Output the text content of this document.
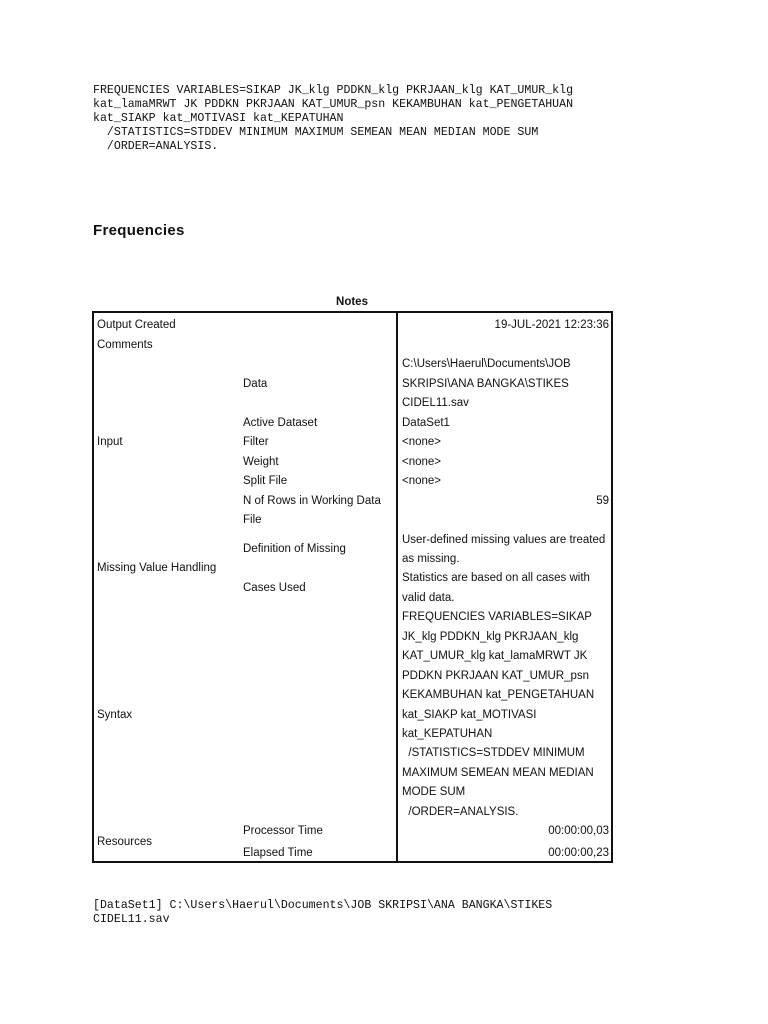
FREQUENCIES VARIABLES=SIKAP JK_klg PDDKN_klg PKRJAAN_klg KAT_UMUR_klg
kat_lamaMRWT JK PDDKN PKRJAAN KAT_UMUR_psn KEKAMBUHAN kat_PENGETAHUAN
kat_SIAKP kat_MOTIVASI kat_KEPATUHAN
/STATISTICS=STDDEV MINIMUM MAXIMUM SEMEAN MEAN MEDIAN MODE SUM
/ORDER=ANALYSIS.
Frequencies
Notes
Output Created
Comments
Input
Missing Value Handling
Syntax
Resources
Data
Active Dataset
Filter
Weight
Split File
N of Rows in Working Data
File
Definition of Missing
Cases Used
Processor Time
Elapsed Time
19-JUL-2021 12:23:36
C:\Users\Haerul\Documents\JOB
SKRIPSI\ANA BANGKA\STIKES
CIDEL11.sav
DataSet1
<none>
<none>
<none>
59
User-defined missing values are treated
as missing.
Statistics are based on all cases with
valid data.
FREQUENCIES VARIABLES=SIKAP
JK_klg PDDKN_klg PKRJAAN_klg
KAT_UMUR_klg kat_lamaMRWT JK
PDDKN PKRJAAN KAT_UMUR_psn
KEKAMBUHAN kat_PENGETAHUAN
kat_SIAKP kat_MOTIVASI
kat_KEPATUHAN
/STATISTICS=STDDEV MINIMUM
MAXIMUM SEMEAN MEAN MEDIAN
MODE SUM
/ORDER=ANALYSIS.
00:00:00,03
00:00:00,23
[DataSet1] C:\Users\Haerul\Documents\JOB SKRIPSI\ANA BANGKA\STIKES
CIDEL11.sav
